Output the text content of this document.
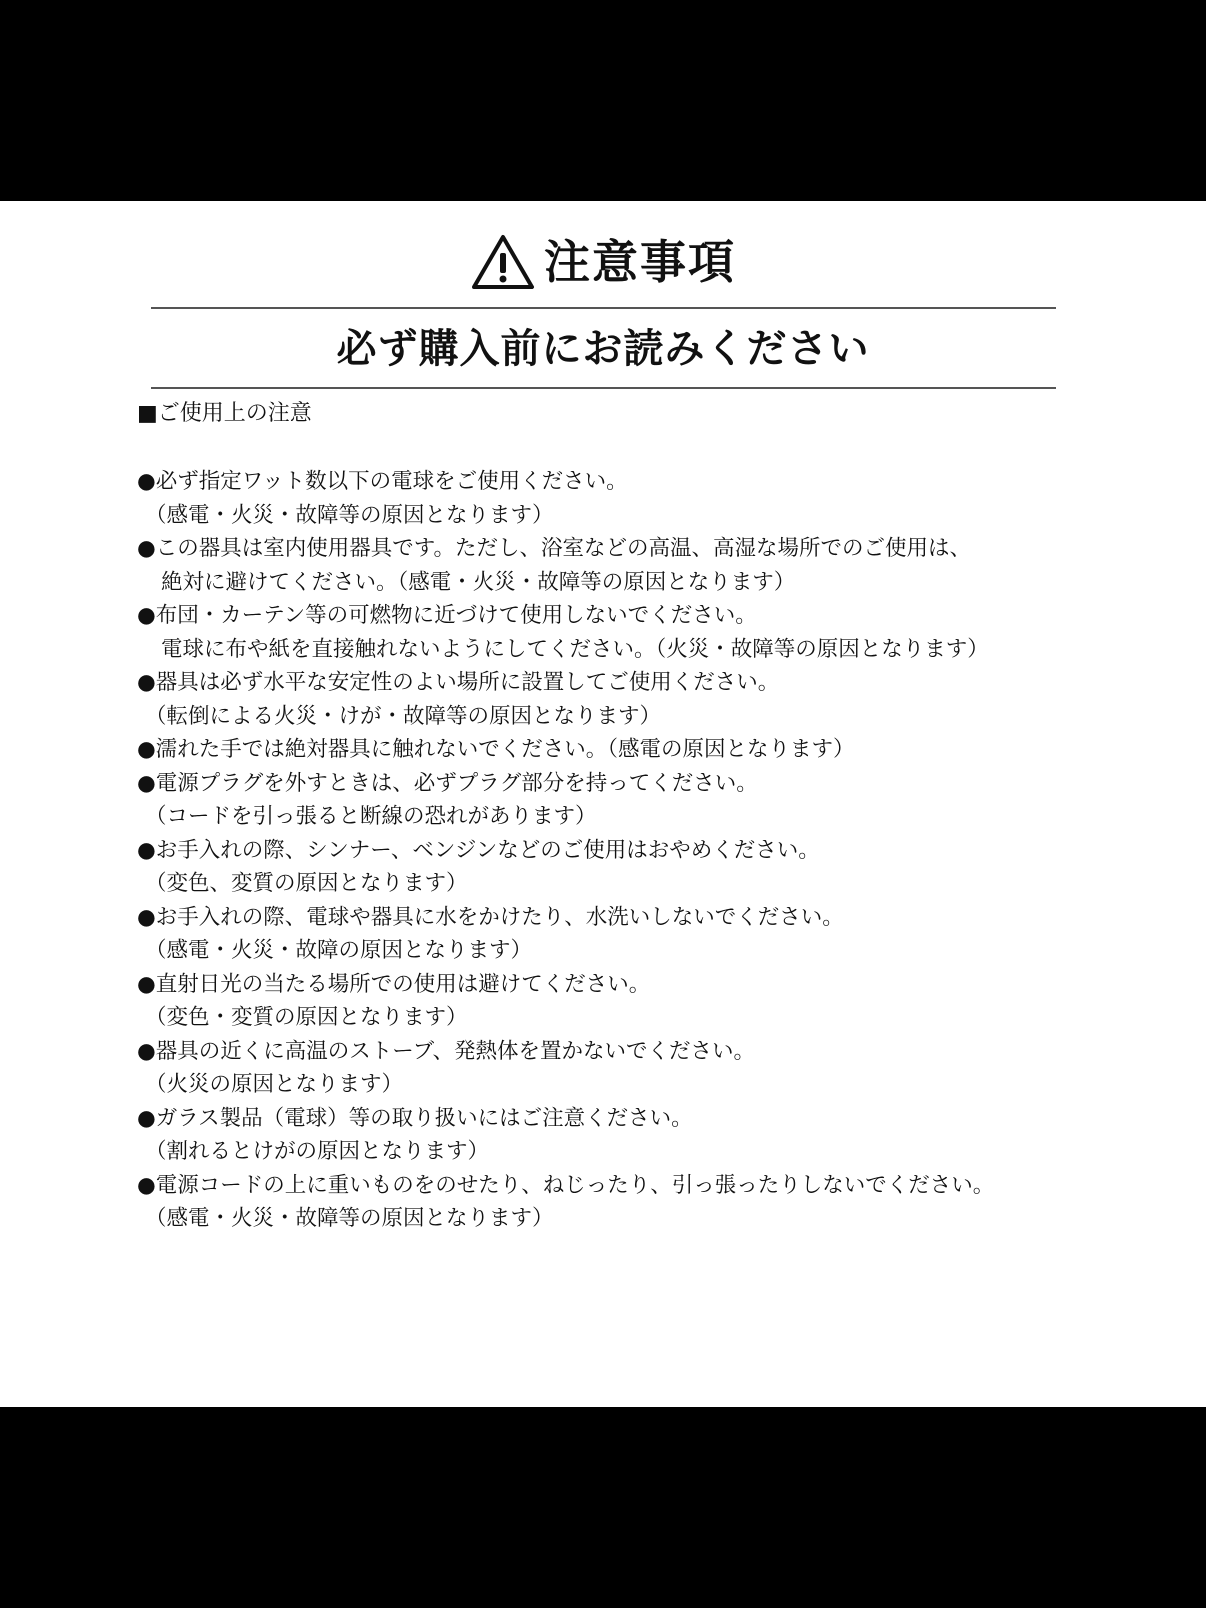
注意事項
必ず購入前にお読みください
■ご使用上の注意
●必ず指定ワット数以下の電球をご使用ください。
（感電・火災・故障等の原因となります）
●この器具は室内使用器具です。ただし、浴室などの高温、高湿な場所でのご使用は、
絶対に避けてください。（感電・火災・故障等の原因となります）
●布団・カーテン等の可燃物に近づけて使用しないでください。
電球に布や紙を直接触れないようにしてください。（火災・故障等の原因となります）
●器具は必ず水平な安定性のよい場所に設置してご使用ください。
（転倒による火災・けが・故障等の原因となります）
●濡れた手では絶対器具に触れないでください。（感電の原因となります）
●電源プラグを外すときは、必ずプラグ部分を持ってください。
（コードを引っ張ると断線の恐れがあります）
●お手入れの際、シンナー、ベンジンなどのご使用はおやめください。
（変色、変質の原因となります）
●お手入れの際、電球や器具に水をかけたり、水洗いしないでください。
（感電・火災・故障の原因となります）
●直射日光の当たる場所での使用は避けてください。
（変色・変質の原因となります）
●器具の近くに高温のストーブ、発熱体を置かないでください。
（火災の原因となります）
●ガラス製品（電球）等の取り扱いにはご注意ください。
（割れるとけがの原因となります）
●電源コードの上に重いものをのせたり、ねじったり、引っ張ったりしないでください。
（感電・火災・故障等の原因となります）
